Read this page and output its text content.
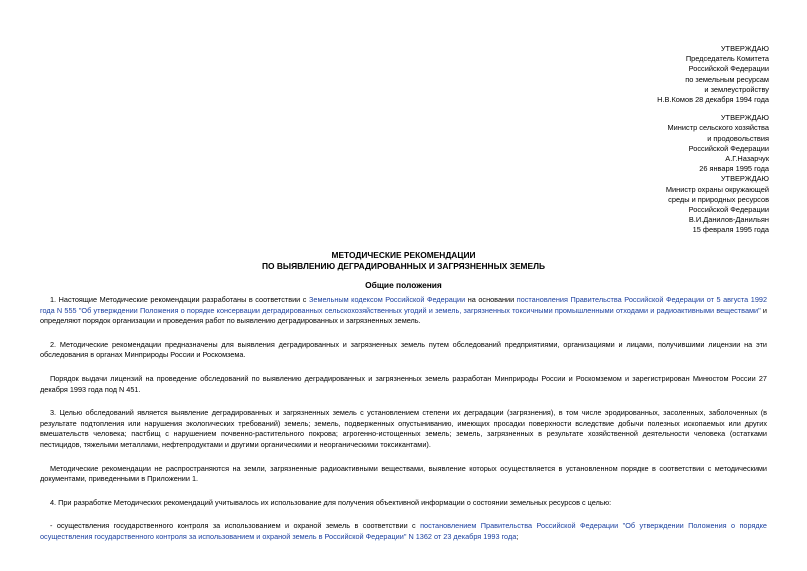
УТВЕРЖДАЮ
Председатель Комитета
Российской Федерации
по земельным ресурсам
и землеустройству
Н.В.Комов 28 декабря 1994 года
УТВЕРЖДАЮ
Министр сельского хозяйства
и продовольствия
Российской Федерации
А.Г.Назарчук
26 января 1995 года
УТВЕРЖДАЮ
Министр охраны окружающей
среды и природных ресурсов
Российской Федерации
В.И.Данилов-Данильян
15 февраля 1995 года
МЕТОДИЧЕСКИЕ РЕКОМЕНДАЦИИ
ПО ВЫЯВЛЕНИЮ ДЕГРАДИРОВАННЫХ И ЗАГРЯЗНЕННЫХ ЗЕМЕЛЬ
Общие положения

1. Настоящие Методические рекомендации разработаны в соответствии с Земельным кодексом Российской Федерации на основании постановления Правительства Российской Федерации от 5 августа 1992 года N 555 "Об утверждении Положения о порядке консервации деградированных сельскохозяйственных угодий и земель, загрязненных токсичными промышленными отходами и радиоактивными веществами" и определяют порядок организации и проведения работ по выявлению деградированных и загрязненных земель.

2. Методические рекомендации предназначены для выявления деградированных и загрязненных земель путем обследований предприятиями, организациями и лицами, получившими лицензии на эти обследования в органах Минприроды России и Роскомзема.

Порядок выдачи лицензий на проведение обследований по выявлению деградированных и загрязненных земель разработан Минприроды России и Роскомземом и зарегистрирован Минюстом России 27 декабря 1993 года под N 451.

3. Целью обследований является выявление деградированных и загрязненных земель с установлением степени их деградации (загрязнения), в том числе эродированных, засоленных, заболоченных (в результате подтопления или нарушения экологических требований) земель; земель, подверженных опустыниванию, имеющих просадки поверхности вследствие добычи полезных ископаемых или других вмешательств человека; пастбищ с нарушением почвенно-растительного покрова; агрогенно-истощенных земель; земель, загрязненных в результате хозяйственной деятельности человека (остатками пестицидов, тяжелыми металлами, нефтепродуктами и другими органическими и неорганическими токсикантами).

Методические рекомендации не распространяются на земли, загрязненные радиоактивными веществами, выявление которых осуществляется в установленном порядке в соответствии с методическими документами, приведенными в Приложении 1.

4. При разработке Методических рекомендаций учитывалось их использование для получения объективной информации о состоянии земельных ресурсов с целью:

- осуществления государственного контроля за использованием и охраной земель в соответствии с постановлением Правительства Российской Федерации "Об утверждении Положения о порядке осуществления государственного контроля за использованием и охраной земель в Российской Федерации" N 1362 от 23 декабря 1993 года;
